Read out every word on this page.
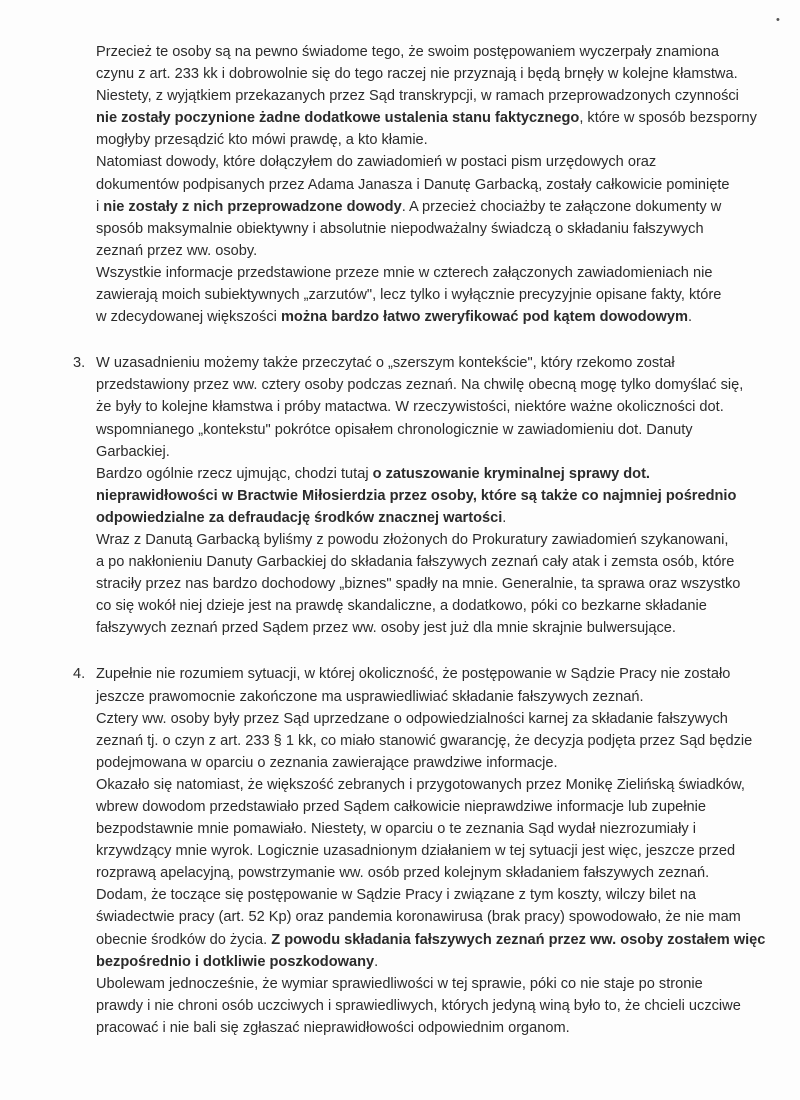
•
Przecież te osoby są na pewno świadome tego, że swoim postępowaniem wyczerpały znamiona
czynu z art. 233 kk i dobrowolnie się do tego raczej nie przyznają i będą brnęły w kolejne kłamstwa.
Niestety, z wyjątkiem przekazanych przez Sąd transkrypcji, w ramach przeprowadzonych czynności
nie zostały poczynione żadne dodatkowe ustalenia stanu faktycznego, które w sposób bezsporny
mogłyby przesądzić kto mówi prawdę, a kto kłamie.
Natomiast dowody, które dołączyłem do zawiadomień w postaci pism urzędowych oraz
dokumentów podpisanych przez Adama Janasza i Danutę Garbacką, zostały całkowicie pominięte
i nie zostały z nich przeprowadzone dowody. A przecież chociażby te załączone dokumenty w
sposób maksymalnie obiektywny i absolutnie niepodważalny świadczą o składaniu fałszywych
zeznań przez ww. osoby.
Wszystkie informacje przedstawione przeze mnie w czterech załączonych zawiadomieniach nie
zawierają moich subiektywnych „zarzutów", lecz tylko i wyłącznie precyzyjnie opisane fakty, które
w zdecydowanej większości można bardzo łatwo zweryfikować pod kątem dowodowym.
3. W uzasadnieniu możemy także przeczytać o „szerszym kontekście", który rzekomo został
przedstawiony przez ww. cztery osoby podczas zeznań. Na chwilę obecną mogę tylko domyślać się,
że były to kolejne kłamstwa i próby matactwa. W rzeczywistości, niektóre ważne okoliczności dot.
wspomnianego „kontekstu" pokrótce opisałem chronologicznie w zawiadomieniu dot. Danuty
Garbackiej.
Bardzo ogólnie rzecz ujmując, chodzi tutaj o zatuszowanie kryminalnej sprawy dot.
nieprawidłowości w Bractwie Miłosierdzia przez osoby, które są także co najmniej pośrednio
odpowiedzialne za defraudację środków znacznej wartości.
Wraz z Danutą Garbacką byliśmy z powodu złożonych do Prokuratury zawiadomień szykanowani,
a po nakłonieniu Danuty Garbackiej do składania fałszywych zeznań cały atak i zemsta osób, które
straciły przez nas bardzo dochodowy „biznes" spadły na mnie. Generalnie, ta sprawa oraz wszystko
co się wokół niej dzieje jest na prawdę skandaliczne, a dodatkowo, póki co bezkarne składanie
fałszywych zeznań przed Sądem przez ww. osoby jest już dla mnie skrajnie bulwersujące.
4. Zupełnie nie rozumiem sytuacji, w której okoliczność, że postępowanie w Sądzie Pracy nie zostało
jeszcze prawomocnie zakończone ma usprawiedliwiać składanie fałszywych zeznań.
Cztery ww. osoby były przez Sąd uprzedzane o odpowiedzialności karnej za składanie fałszywych
zeznań tj. o czyn z art. 233 § 1 kk, co miało stanowić gwarancję, że decyzja podjęta przez Sąd będzie
podejmowana w oparciu o zeznania zawierające prawdziwe informacje.
Okazało się natomiast, że większość zebranych i przygotowanych przez Monikę Zielińską świadków,
wbrew dowodom przedstawiało przed Sądem całkowicie nieprawdziwe informacje lub zupełnie
bezpodstawnie mnie pomawiało. Niestety, w oparciu o te zeznania Sąd wydał niezrozumiały i
krzywdzący mnie wyrok. Logicznie uzasadnionym działaniem w tej sytuacji jest więc, jeszcze przed
rozprawą apelacyjną, powstrzymanie ww. osób przed kolejnym składaniem fałszywych zeznań.
Dodam, że toczące się postępowanie w Sądzie Pracy i związane z tym koszty, wilczy bilet na
świadectwie pracy (art. 52 Kp) oraz pandemia koronawirusa (brak pracy) spowodowało, że nie mam
obecnie środków do życia. Z powodu składania fałszywych zeznań przez ww. osoby zostałem więc
bezpośrednio i dotkliwie poszkodowany.
Ubolewam jednocześnie, że wymiar sprawiedliwości w tej sprawie, póki co nie staje po stronie
prawdy i nie chroni osób uczciwych i sprawiedliwych, których jedyną winą było to, że chcieli uczciwe
pracować i nie bali się zgłaszać nieprawidłowości odpowiednim organom.
